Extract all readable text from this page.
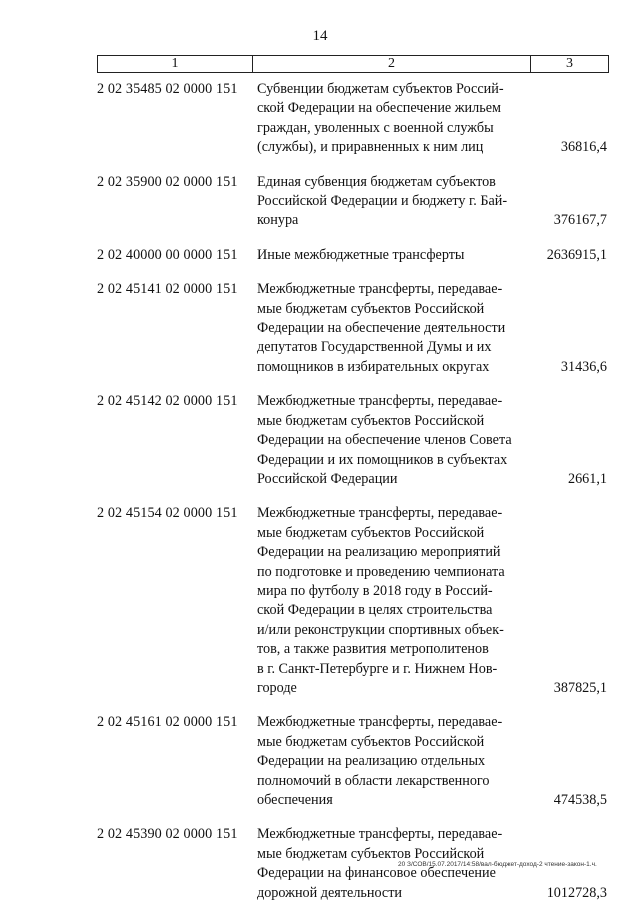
14
1	2	3
2 02 35485 02 0000 151	Субвенции бюджетам субъектов Россий-
ской Федерации на обеспечение жильем
граждан, уволенных с военной службы
(службы), и приравненных к ним лиц	36816,4
2 02 35900 02 0000 151	Единая субвенция бюджетам субъектов
Российской Федерации и бюджету г. Бай-
конура	376167,7
2 02 40000 00 0000 151	Иные межбюджетные трансферты	2636915,1
2 02 45141 02 0000 151	Межбюджетные трансферты, передавае-
мые бюджетам субъектов Российской
Федерации на обеспечение деятельности
депутатов Государственной Думы и их
помощников в избирательных округах	31436,6
2 02 45142 02 0000 151	Межбюджетные трансферты, передавае-
мые бюджетам субъектов Российской
Федерации на обеспечение членов Совета
Федерации и их помощников в субъектах
Российской Федерации	2661,1
2 02 45154 02 0000 151	Межбюджетные трансферты, передавае-
мые бюджетам субъектов Российской
Федерации на реализацию мероприятий
по подготовке и проведению чемпионата
мира по футболу в 2018 году в Россий-
ской Федерации в целях строительства
и/или реконструкции спортивных объек-
тов, а также развития метрополитенов
в г. Санкт-Петербурге и г. Нижнем Нов-
городе	387825,1
2 02 45161 02 0000 151	Межбюджетные трансферты, передавае-
мые бюджетам субъектов Российской
Федерации на реализацию отдельных
полномочий в области лекарственного
обеспечения	474538,5
2 02 45390 02 0000 151	Межбюджетные трансферты, передавае-
мые бюджетам субъектов Российской
Федерации на финансовое обеспечение
дорожной деятельности	1012728,3
20 З/СОВ/15.07.2017/14:58/вал-бюджет-доход-2 чтение-закон-1.ч.
